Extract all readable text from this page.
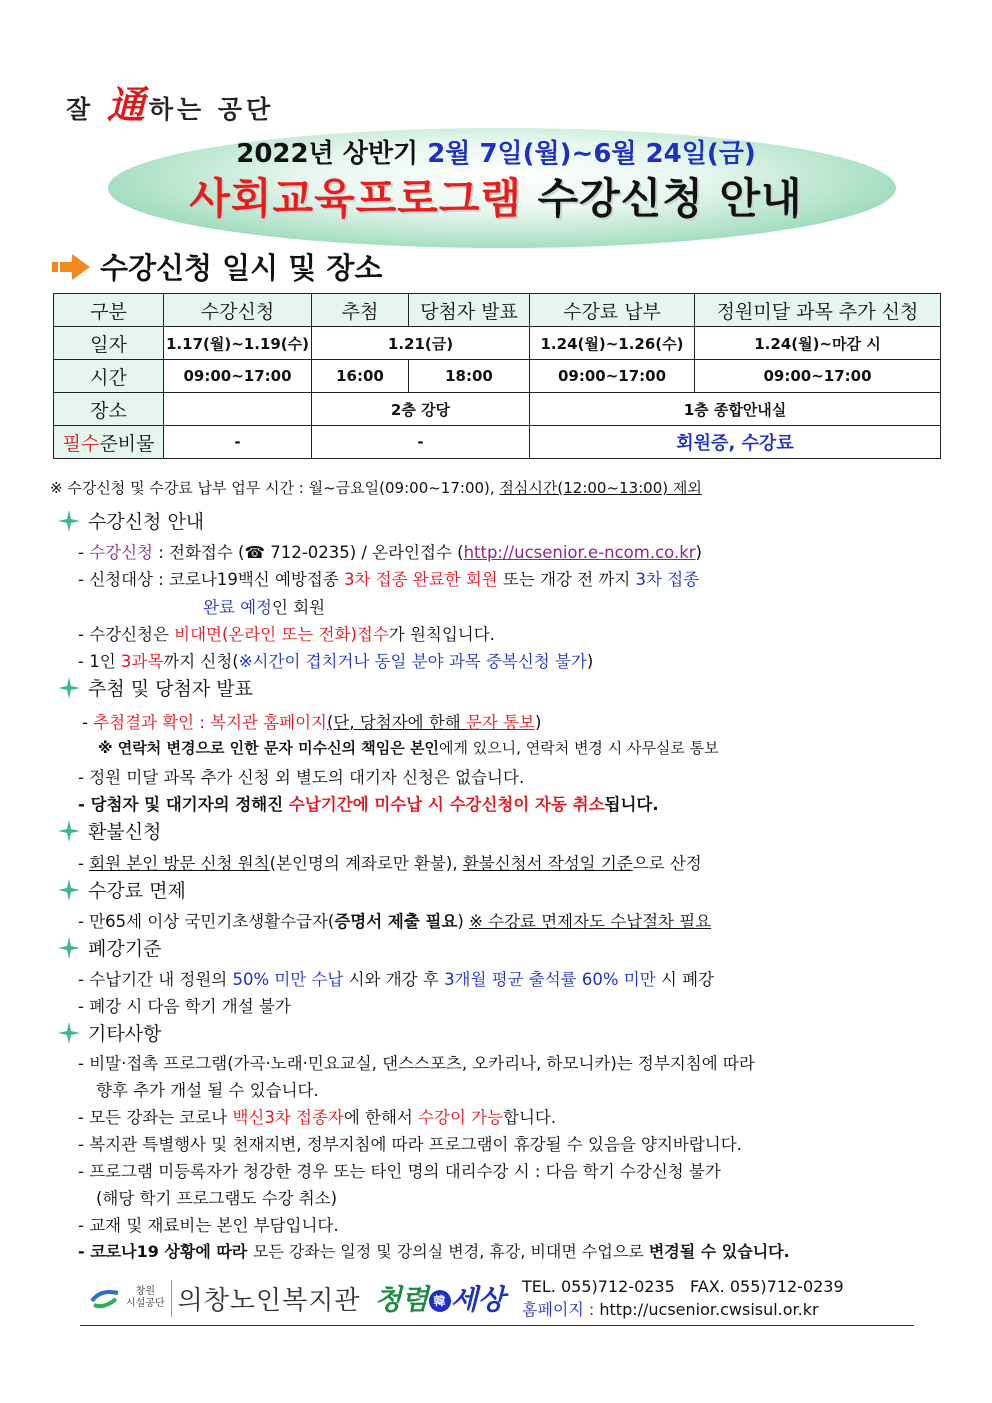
잘 通하는 공단
2022년 상반기 2월 7일(월)~6월 24일(금)
사회교육프로그램 수강신청 안내
수강신청 일시 및 장소
구분	수강신청	추첨	당첨자 발표	수강료 납부	정원미달 과목 추가 신청
일자	1.17(월)~1.19(수)	1.21(금)		1.24(월)~1.26(수)	1.24(월)~마감 시
시간	09:00~17:00	16:00	18:00	09:00~17:00	09:00~17:00
장소		2층 강당		1층 종합안내실	
필수준비물	-	-		회원증, 수강료	
※ 수강신청 및 수강료 납부 업무 시간 : 월~금요일(09:00~17:00), 점심시간(12:00~13:00) 제외
수강신청 안내
- 수강신청 : 전화접수 (☎ 712-0235) / 온라인접수 (http://ucsenior.e-ncom.co.kr)
- 신청대상 : 코로나19백신 예방접종 3차 접종 완료한 회원 또는 개강 전 까지 3차 접종
완료 예정인 회원
- 수강신청은 비대면(온라인 또는 전화)접수가 원칙입니다.
- 1인 3과목까지 신청(※시간이 겹치거나 동일 분야 과목 중복신청 불가)
추첨 및 당첨자 발표
- 추첨결과 확인 : 복지관 홈페이지(단, 당첨자에 한해 문자 통보)
※ 연락처 변경으로 인한 문자 미수신의 책임은 본인에게 있으니, 연락처 변경 시 사무실로 통보
- 정원 미달 과목 추가 신청 외 별도의 대기자 신청은 없습니다.
- 당첨자 및 대기자의 정해진 수납기간에 미수납 시 수강신청이 자동 취소됩니다.
환불신청
- 회원 본인 방문 신청 원칙(본인명의 계좌로만 환불), 환불신청서 작성일 기준으로 산정
수강료 면제
- 만65세 이상 국민기초생활수급자(증명서 제출 필요) ※ 수강료 면제자도 수납절차 필요
폐강기준
- 수납기간 내 정원의 50% 미만 수납 시와 개강 후 3개월 평균 출석률 60% 미만 시 폐강
- 폐강 시 다음 학기 개설 불가
기타사항
- 비말·접촉 프로그램(가곡·노래·민요교실, 댄스스포츠, 오카리나, 하모니카)는 정부지침에 따라
향후 추가 개설 될 수 있습니다.
- 모든 강좌는 코로나 백신3차 접종자에 한해서 수강이 가능합니다.
- 복지관 특별행사 및 천재지변, 정부지침에 따라 프로그램이 휴강될 수 있음을 양지바랍니다.
- 프로그램 미등록자가 청강한 경우 또는 타인 명의 대리수강 시 : 다음 학기 수강신청 불가
(해당 학기 프로그램도 수강 취소)
- 교재 및 재료비는 본인 부담입니다.
- 코로나19 상황에 따라 모든 강좌는 일정 및 강의실 변경, 휴강, 비대면 수업으로 변경될 수 있습니다.
창원
시설공단 의창노인복지관 청렴 韓 세상 TEL. 055)712-0235   FAX. 055)712-0239
홈페이지 : http://ucsenior.cwsisul.or.kr
